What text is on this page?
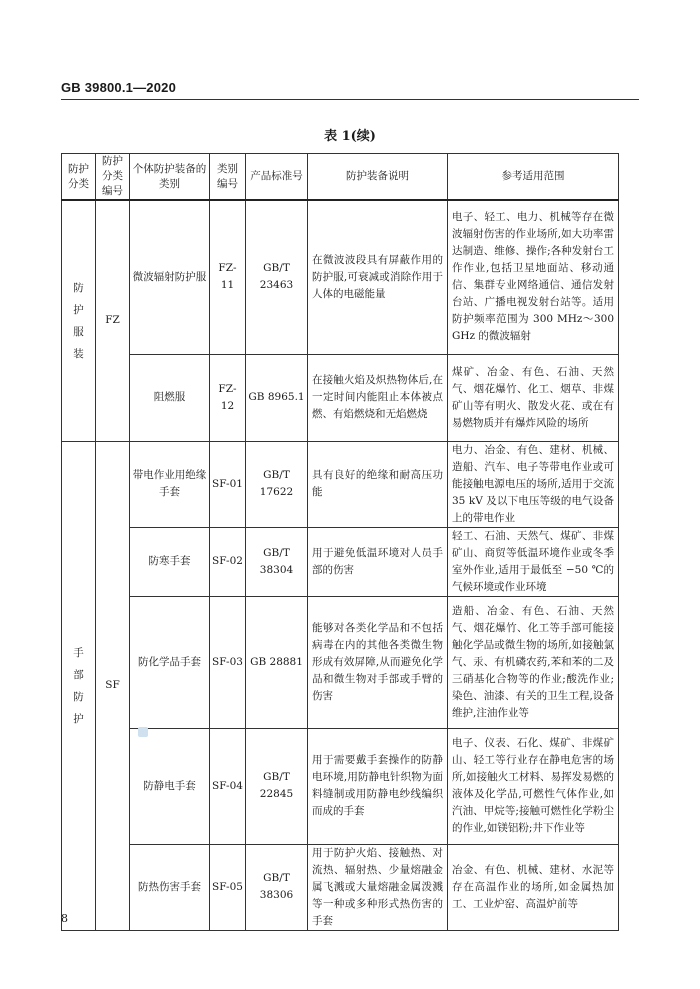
GB 39800.1—2020
表 1(续)
防护分类	防护分类编号	个体防护装备的类别	类别编号	产品标准号	防护装备说明	参考适用范围

防
护
服
装	FZ	微波辐射防护服	FZ-11	GB/T 23463	在微波波段具有屏蔽作用的防护服,可衰减或消除作用于人体的电磁能量	电子、轻工、电力、机械等存在微波辐射伤害的作业场所,如大功率雷达制造、维修、操作;各种发射台工作作业,包括卫星地面站、移动通信、集群专业网络通信、通信发射台站、广播电视发射台站等。适用防护频率范围为 300 MHz～300 GHz 的微波辐射
		阻燃服	FZ-12	GB 8965.1	在接触火焰及炽热物体后,在一定时间内能阻止本体被点燃、有焰燃烧和无焰燃烧	煤矿、冶金、有色、石油、天然气、烟花爆竹、化工、烟草、非煤矿山等有明火、散发火花、或在有易燃物质并有爆炸风险的场所

手
部
防
护	SF	带电作业用绝缘手套	SF-01	GB/T 17622	具有良好的绝缘和耐高压功能	电力、冶金、有色、建材、机械、造船、汽车、电子等带电作业或可能接触电源电压的场所,适用于交流 35 kV 及以下电压等级的电气设备上的带电作业
		防寒手套	SF-02	GB/T 38304	用于避免低温环境对人员手部的伤害	轻工、石油、天然气、煤矿、非煤矿山、商贸等低温环境作业或冬季室外作业,适用于最低至 −50 ℃的气候环境或作业环境
		防化学品手套	SF-03	GB 28881	能够对各类化学品和不包括病毒在内的其他各类微生物形成有效屏障,从而避免化学品和微生物对手部或手臂的伤害	造船、冶金、有色、石油、天然气、烟花爆竹、化工等手部可能接触化学品或微生物的场所,如接触氯气、汞、有机磷农药,苯和苯的二及三硝基化合物等的作业;酸洗作业;染色、油漆、有关的卫生工程,设备维护,注油作业等
		防静电手套	SF-04	GB/T 22845	用于需要戴手套操作的防静电环境,用防静电针织物为面料缝制或用防静电纱线编织而成的手套	电子、仪表、石化、煤矿、非煤矿山、轻工等行业存在静电危害的场所,如接触火工材料、易挥发易燃的液体及化学品,可燃性气体作业,如汽油、甲烷等;接触可燃性化学粉尘的作业,如镁铝粉;井下作业等
		防热伤害手套	SF-05	GB/T 38306	用于防护火焰、接触热、对流热、辐射热、少量熔融金属飞溅或大量熔融金属泼溅等一种或多种形式热伤害的手套	冶金、有色、机械、建材、水泥等存在高温作业的场所,如金属热加工、工业炉窑、高温炉前等
8
